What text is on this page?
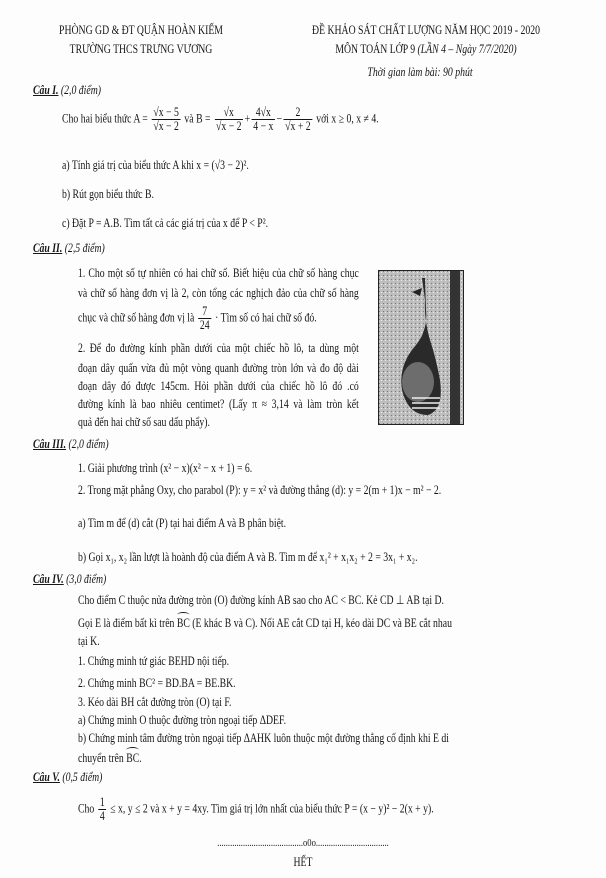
PHÒNG GD & ĐT QUẬN HOÀN KIẾM
TRƯỜNG THCS TRƯNG VƯƠNG
ĐỀ KHẢO SÁT CHẤT LƯỢNG NĂM HỌC 2019 - 2020
MÔN TOÁN LỚP 9 (LẦN 4 – Ngày 7/7/2020)
Thời gian làm bài: 90 phút
Câu I. (2,0 điểm)
Cho hai biểu thức $A = \frac{√x - 5}{√x - 2}$ và $B = \frac{√x}{√x - 2} + \frac{4√x}{4 - x} - \frac{2}{√x + 2}$ với x ≥ 0, x ≠ 4.
a) Tính giá trị của biểu thức A khi x = (√3 − 2)².
b) Rút gọn biểu thức B.
c) Đặt P = A.B. Tìm tất cả các giá trị của x để P < P².
Câu II. (2,5 điểm)
1. Cho một số tự nhiên có hai chữ số. Biết hiệu của chữ số hàng chục
và chữ số hàng đơn vị là 2, còn tổng các nghịch đảo của chữ số hàng
chục và chữ số hàng đơn vị là $\frac{7}{24}$ · Tìm số có hai chữ số đó.
2. Để đo đường kính phần dưới của một chiếc hồ lô, ta dùng một
đoạn dây quấn vừa đủ một vòng quanh đường tròn lớn và đo độ dài
đoạn dây đó được 145cm. Hỏi phần dưới của chiếc hồ lô đó .có
đường kính là bao nhiêu centimet? (Lấy π ≈ 3,14 và làm tròn kết
quả đến hai chữ số sau dấu phẩy).
Câu III. (2,0 điểm)
1. Giải phương trình (x² − x)(x² − x + 1) = 6.
2. Trong mặt phẳng Oxy, cho parabol (P): y = x² và đường thẳng (d): y = 2(m + 1)x − m² − 2.
a) Tìm m để (d) cắt (P) tại hai điểm A và B phân biệt.
b) Gọi x₁, x₂ lần lượt là hoành độ của điểm A và B. Tìm m để x₁² + x₁x₂ + 2 = 3x₁ + x₂.
Câu IV. (3,0 điểm)
Cho điểm C thuộc nửa đường tròn (O) đường kính AB sao cho AC < BC. Kẻ CD ⊥ AB tại D.
Gọi E là điểm bất kì trên BC (E khác B và C). Nối AE cắt CD tại H, kéo dài DC và BE cắt nhau
tại K.
1. Chứng minh tứ giác BEHD nội tiếp.
2. Chứng minh BC² = BD.BA = BE.BK.
3. Kéo dài BH cắt đường tròn (O) tại F.
a) Chứng minh O thuộc đường tròn ngoại tiếp ΔDEF.
b) Chứng minh tâm đường tròn ngoại tiếp ΔAHK luôn thuộc một đường thẳng cố định khi E di
chuyển trên BC.
Câu V. (0,5 điểm)
Cho $\frac{1}{4} \le x$, y ≤ 2 và x + y = 4xy. Tìm giá trị lớn nhất của biểu thức P = (x − y)² − 2(x + y).
........................................o0o..................................
HẾT
